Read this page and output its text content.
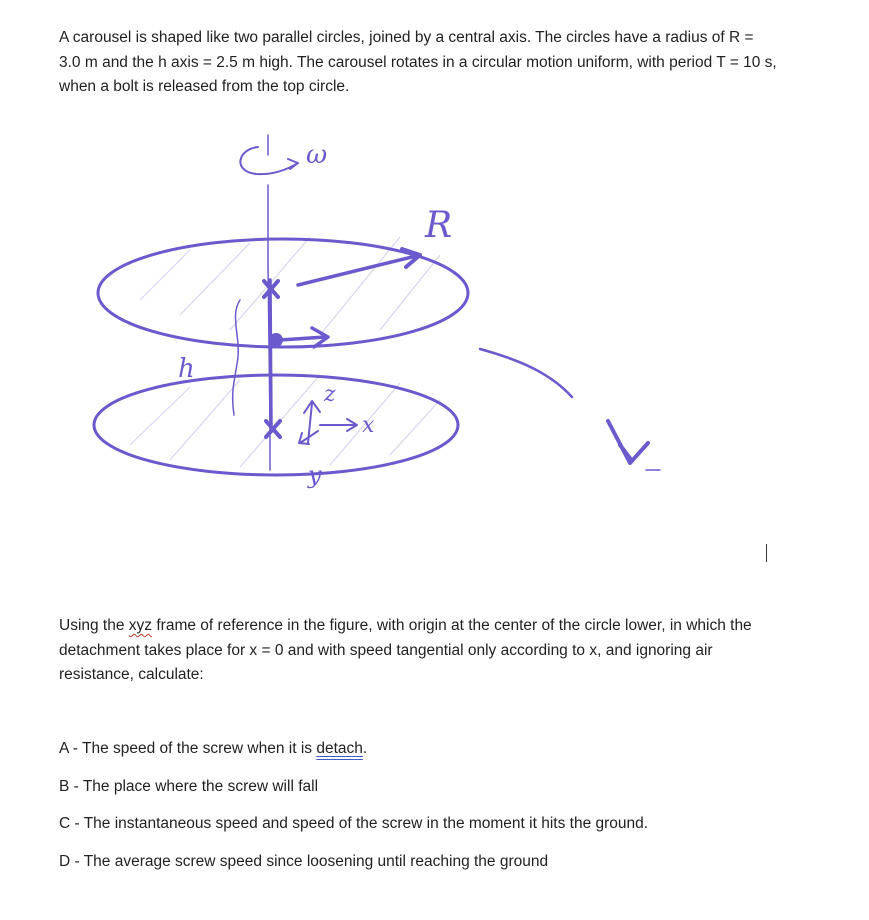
A carousel is shaped like two parallel circles, joined by a central axis. The circles have a radius of R = 3.0 m and the h axis = 2.5 m high. The carousel rotates in a circular motion uniform, with period T = 10 s, when a bolt is released from the top circle.

ω
R
h
z
x
y

Using the xyz frame of reference in the figure, with origin at the center of the circle lower, in which the detachment takes place for x = 0 and with speed tangential only according to x, and ignoring air resistance, calculate:

A - The speed of the screw when it is detach.

B - The place where the screw will fall

C - The instantaneous speed and speed of the screw in the moment it hits the ground.

D - The average screw speed since loosening until reaching the ground
